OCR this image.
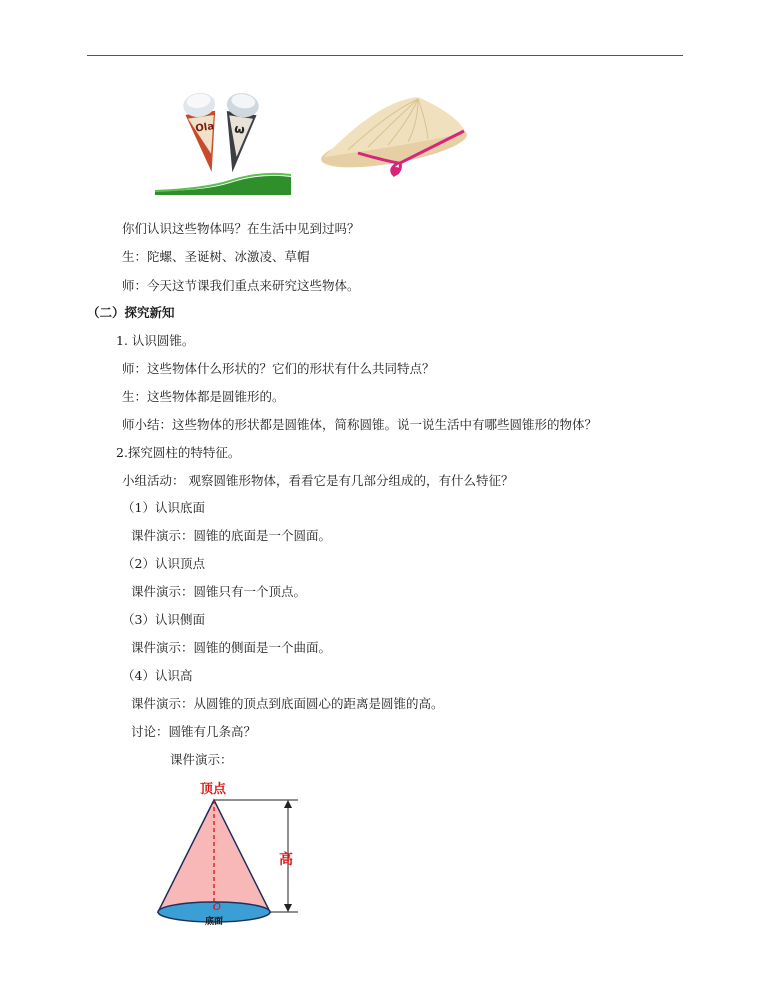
Ola ω
你们认识这些物体吗？在生活中见到过吗？
生：陀螺、圣诞树、冰激凌、草帽
师：今天这节课我们重点来研究这些物体。
（二）探究新知
1. 认识圆锥。
师：这些物体什么形状的？它们的形状有什么共同特点？
生：这些物体都是圆锥形的。
师小结：这些物体的形状都是圆锥体，简称圆锥。说一说生活中有哪些圆锥形的物体？
2.探究圆柱的特特征。
小组活动： 观察圆锥形物体，看看它是有几部分组成的，有什么特征？
（1）认识底面
课件演示：圆锥的底面是一个圆面。
（2）认识顶点
课件演示：圆锥只有一个顶点。
（3）认识侧面
课件演示：圆锥的侧面是一个曲面。
（4）认识高
课件演示：从圆锥的顶点到底面圆心的距离是圆锥的高。
讨论：圆锥有几条高？
课件演示：
顶点
高
O
底面
